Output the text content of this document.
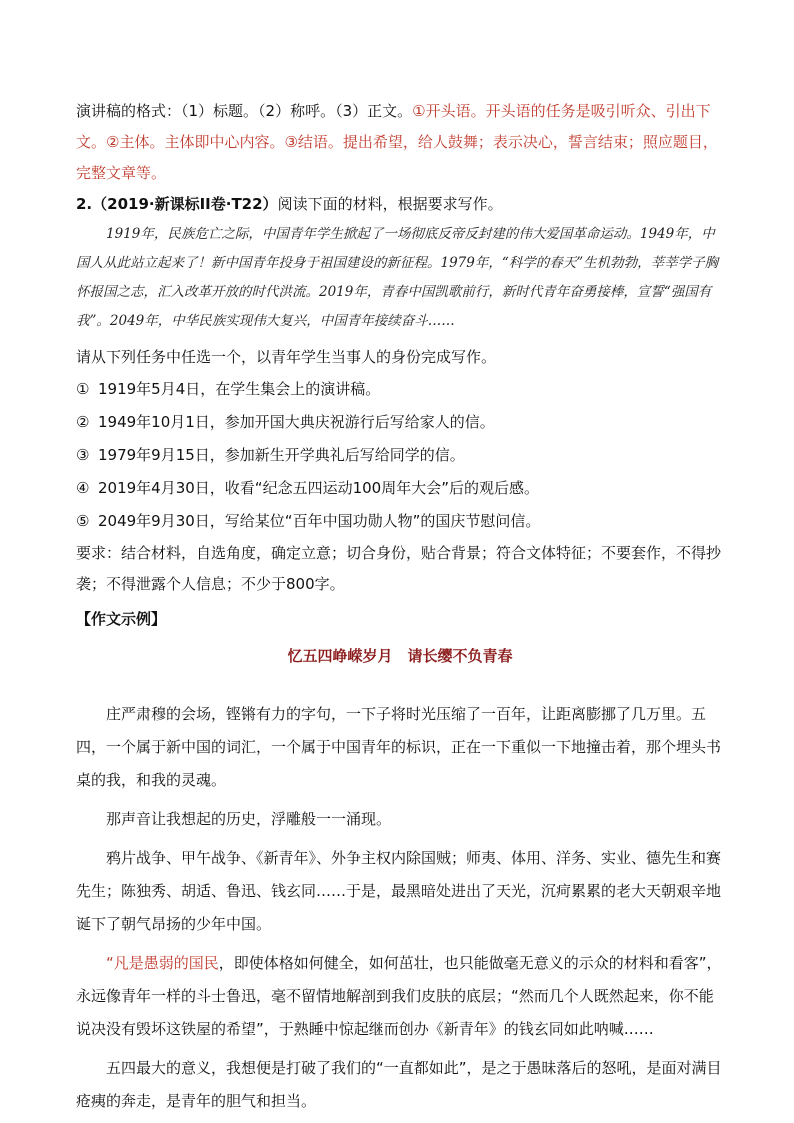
演讲稿的格式：（1）标题。（2）称呼。（3）正文。①开头语。开头语的任务是吸引听众、引出下文。②主体。主体即中心内容。③结语。提出希望，给人鼓舞；表示决心，誓言结束；照应题目，完整文章等。

2.（2019·新课标II卷·T22）阅读下面的材料，根据要求写作。

1919年，民族危亡之际，中国青年学生掀起了一场彻底反帝反封建的伟大爱国革命运动。1949年，中国人从此站立起来了！新中国青年投身于祖国建设的新征程。1979年，“科学的春天”生机勃勃，莘莘学子胸怀报国之志，汇入改革开放的时代洪流。2019年，青春中国凯歌前行，新时代青年奋勇接棒，宣誓“强国有我”。2049年，中华民族实现伟大复兴，中国青年接续奋斗……

请从下列任务中任选一个，以青年学生当事人的身份完成写作。

① 1919年5月4日，在学生集会上的演讲稿。

② 1949年10月1日，参加开国大典庆祝游行后写给家人的信。

③ 1979年9月15日，参加新生开学典礼后写给同学的信。

④ 2019年4月30日，收看“纪念五四运动100周年大会”后的观后感。

⑤ 2049年9月30日，写给某位“百年中国功勋人物”的国庆节慰问信。

要求：结合材料，自选角度，确定立意；切合身份，贴合背景；符合文体特征；不要套作，不得抄袭；不得泄露个人信息；不少于800字。

【作文示例】

忆五四峥嵘岁月　请长缨不负青春

庄严肃穆的会场，铿锵有力的字句，一下子将时光压缩了一百年，让距离膨挪了几万里。五四，一个属于新中国的词汇，一个属于中国青年的标识，正在一下重似一下地撞击着，那个埋头书桌的我，和我的灵魂。

那声音让我想起的历史，浮雕般一一涌现。

鸦片战争、甲午战争、《新青年》、外争主权内除国贼；师夷、体用、洋务、实业、德先生和赛先生；陈独秀、胡适、鲁迅、钱玄同……于是，最黑暗处进出了天光，沉疴累累的老大天朝艰辛地诞下了朝气昂扬的少年中国。

“凡是愚弱的国民，即使体格如何健全，如何茁壮，也只能做毫无意义的示众的材料和看客”，永远像青年一样的斗士鲁迅，毫不留情地解剖到我们皮肤的底层；“然而几个人既然起来，你不能说决没有毁坏这铁屋的希望”，于熟睡中惊起继而创办《新青年》的钱玄同如此呐喊……

五四最大的意义，我想便是打破了我们的“一直都如此”，是之于愚昧落后的怒吼，是面对满目疮痍的奔走，是青年的胆气和担当。
